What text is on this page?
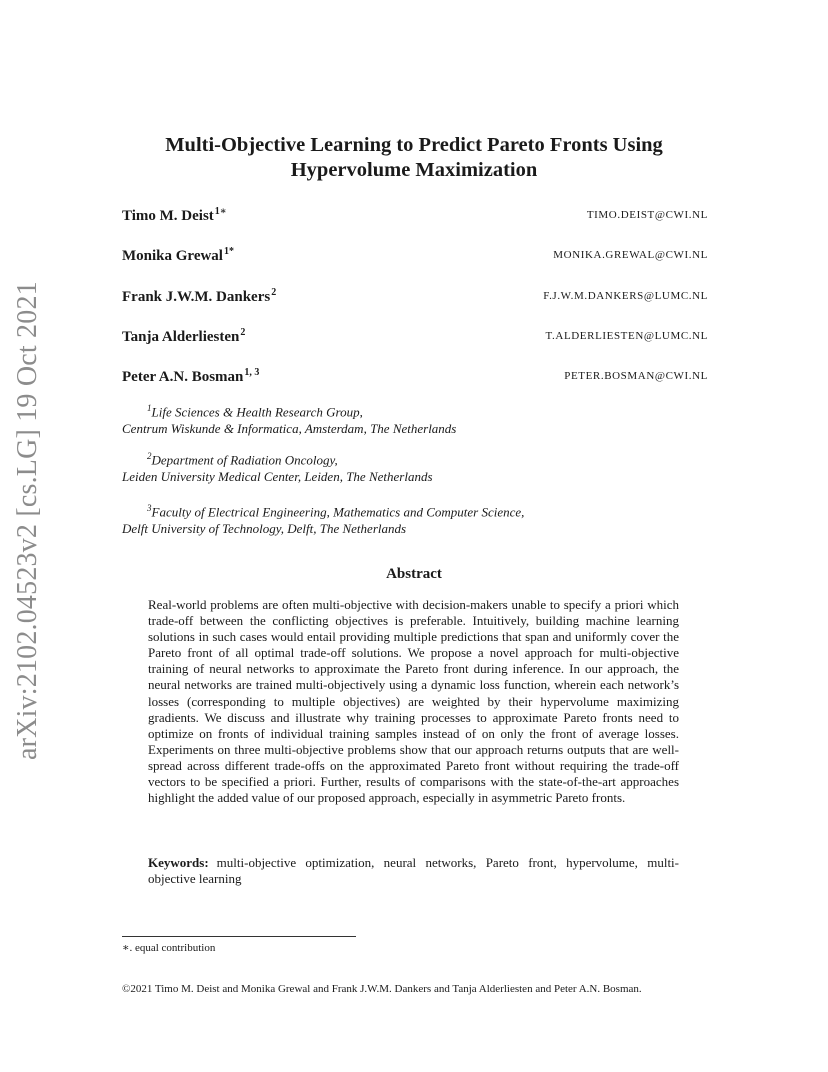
arXiv:2102.04523v2 [cs.LG] 19 Oct 2021
Multi-Objective Learning to Predict Pareto Fronts Using
Hypervolume Maximization
Timo M. Deist$^{1∗}$	TIMO.DEIST@CWI.NL
Monika Grewal$^{1*}$	MONIKA.GREWAL@CWI.NL
Frank J.W.M. Dankers$^2$	F.J.W.M.DANKERS@LUMC.NL
Tanja Alderliesten$^2$	T.ALDERLIESTEN@LUMC.NL
Peter A.N. Bosman$^{1, 3}$	PETER.BOSMAN@CWI.NL
$^1$Life Sciences & Health Research Group,
Centrum Wiskunde & Informatica, Amsterdam, The Netherlands
$^2$Department of Radiation Oncology,
Leiden University Medical Center, Leiden, The Netherlands
$^3$Faculty of Electrical Engineering, Mathematics and Computer Science,
Delft University of Technology, Delft, The Netherlands
Abstract
Real-world problems are often multi-objective with decision-makers unable to specify a priori which trade-off between the conflicting objectives is preferable. Intuitively, building machine learning solutions in such cases would entail providing multiple predictions that span and uniformly cover the Pareto front of all optimal trade-off solutions. We propose a novel approach for multi-objective training of neural networks to approximate the Pareto front during inference. In our approach, the neural networks are trained multi-objectively using a dynamic loss function, wherein each network’s losses (corresponding to multiple objectives) are weighted by their hypervolume maximizing gradients. We discuss and illustrate why training processes to approximate Pareto fronts need to optimize on fronts of individual training samples instead of on only the front of average losses. Experiments on three multi-objective problems show that our approach returns outputs that are well-spread across different trade-offs on the approximated Pareto front without requiring the trade-off vectors to be specified a priori. Further, results of comparisons with the state-of-the-art approaches highlight the added value of our proposed approach, especially in asymmetric Pareto fronts.
Keywords: multi-objective optimization, neural networks, Pareto front, hypervolume, multi-objective learning
∗. equal contribution
©2021 Timo M. Deist and Monika Grewal and Frank J.W.M. Dankers and Tanja Alderliesten and Peter A.N. Bosman.
